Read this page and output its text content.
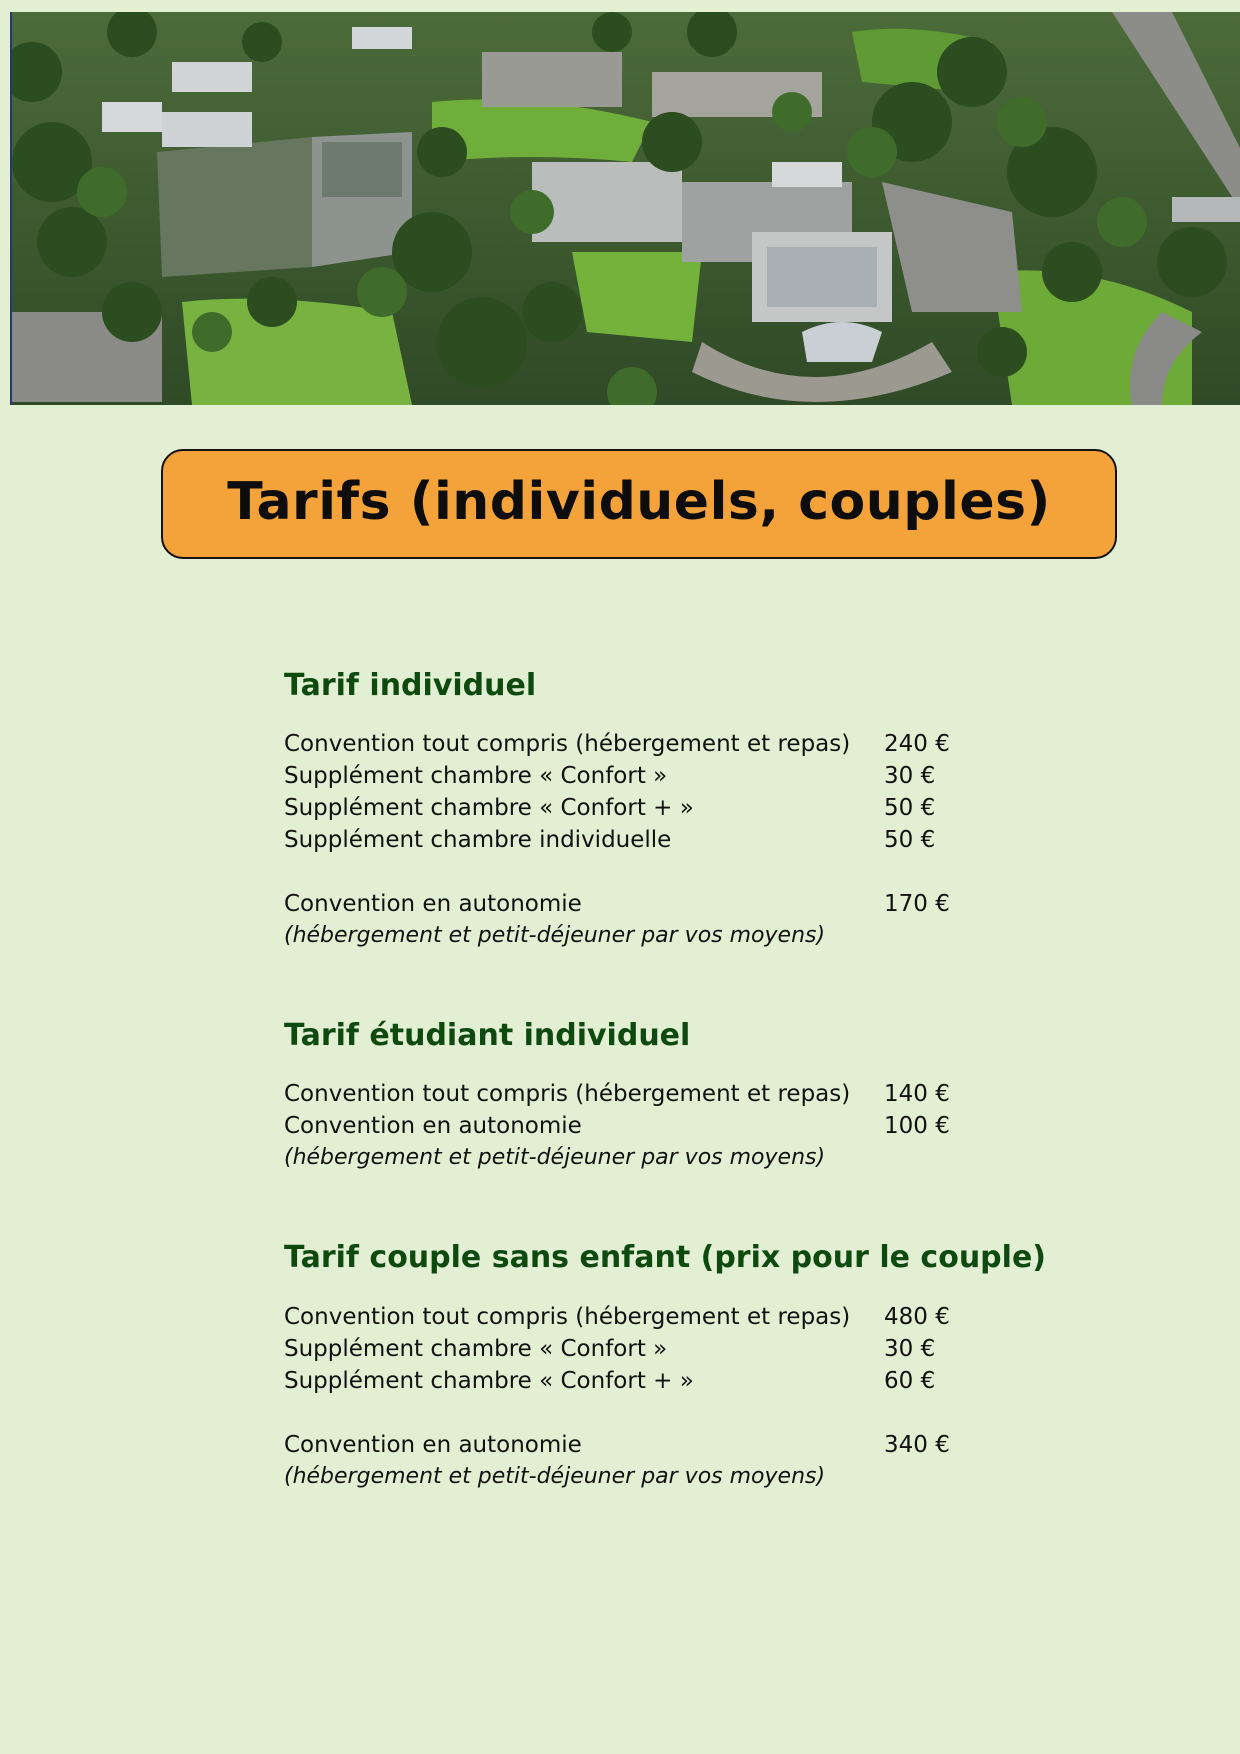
Tarifs (individuels, couples)
Tarif individuel
Convention tout compris (hébergement et repas) 240 €
Supplément chambre « Confort »	30 €
Supplément chambre « Confort + »	50 €
Supplément chambre individuelle	50 €
Convention en autonomie	170 €
(hébergement et petit-déjeuner par vos moyens)
Tarif étudiant individuel
Convention tout compris (hébergement et repas) 140 €
Convention en autonomie	100 €
(hébergement et petit-déjeuner par vos moyens)
Tarif couple sans enfant (prix pour le couple)
Convention tout compris (hébergement et repas) 480 €
Supplément chambre « Confort »	30 €
Supplément chambre « Confort + »	60 €
Convention en autonomie	340 €
(hébergement et petit-déjeuner par vos moyens)
